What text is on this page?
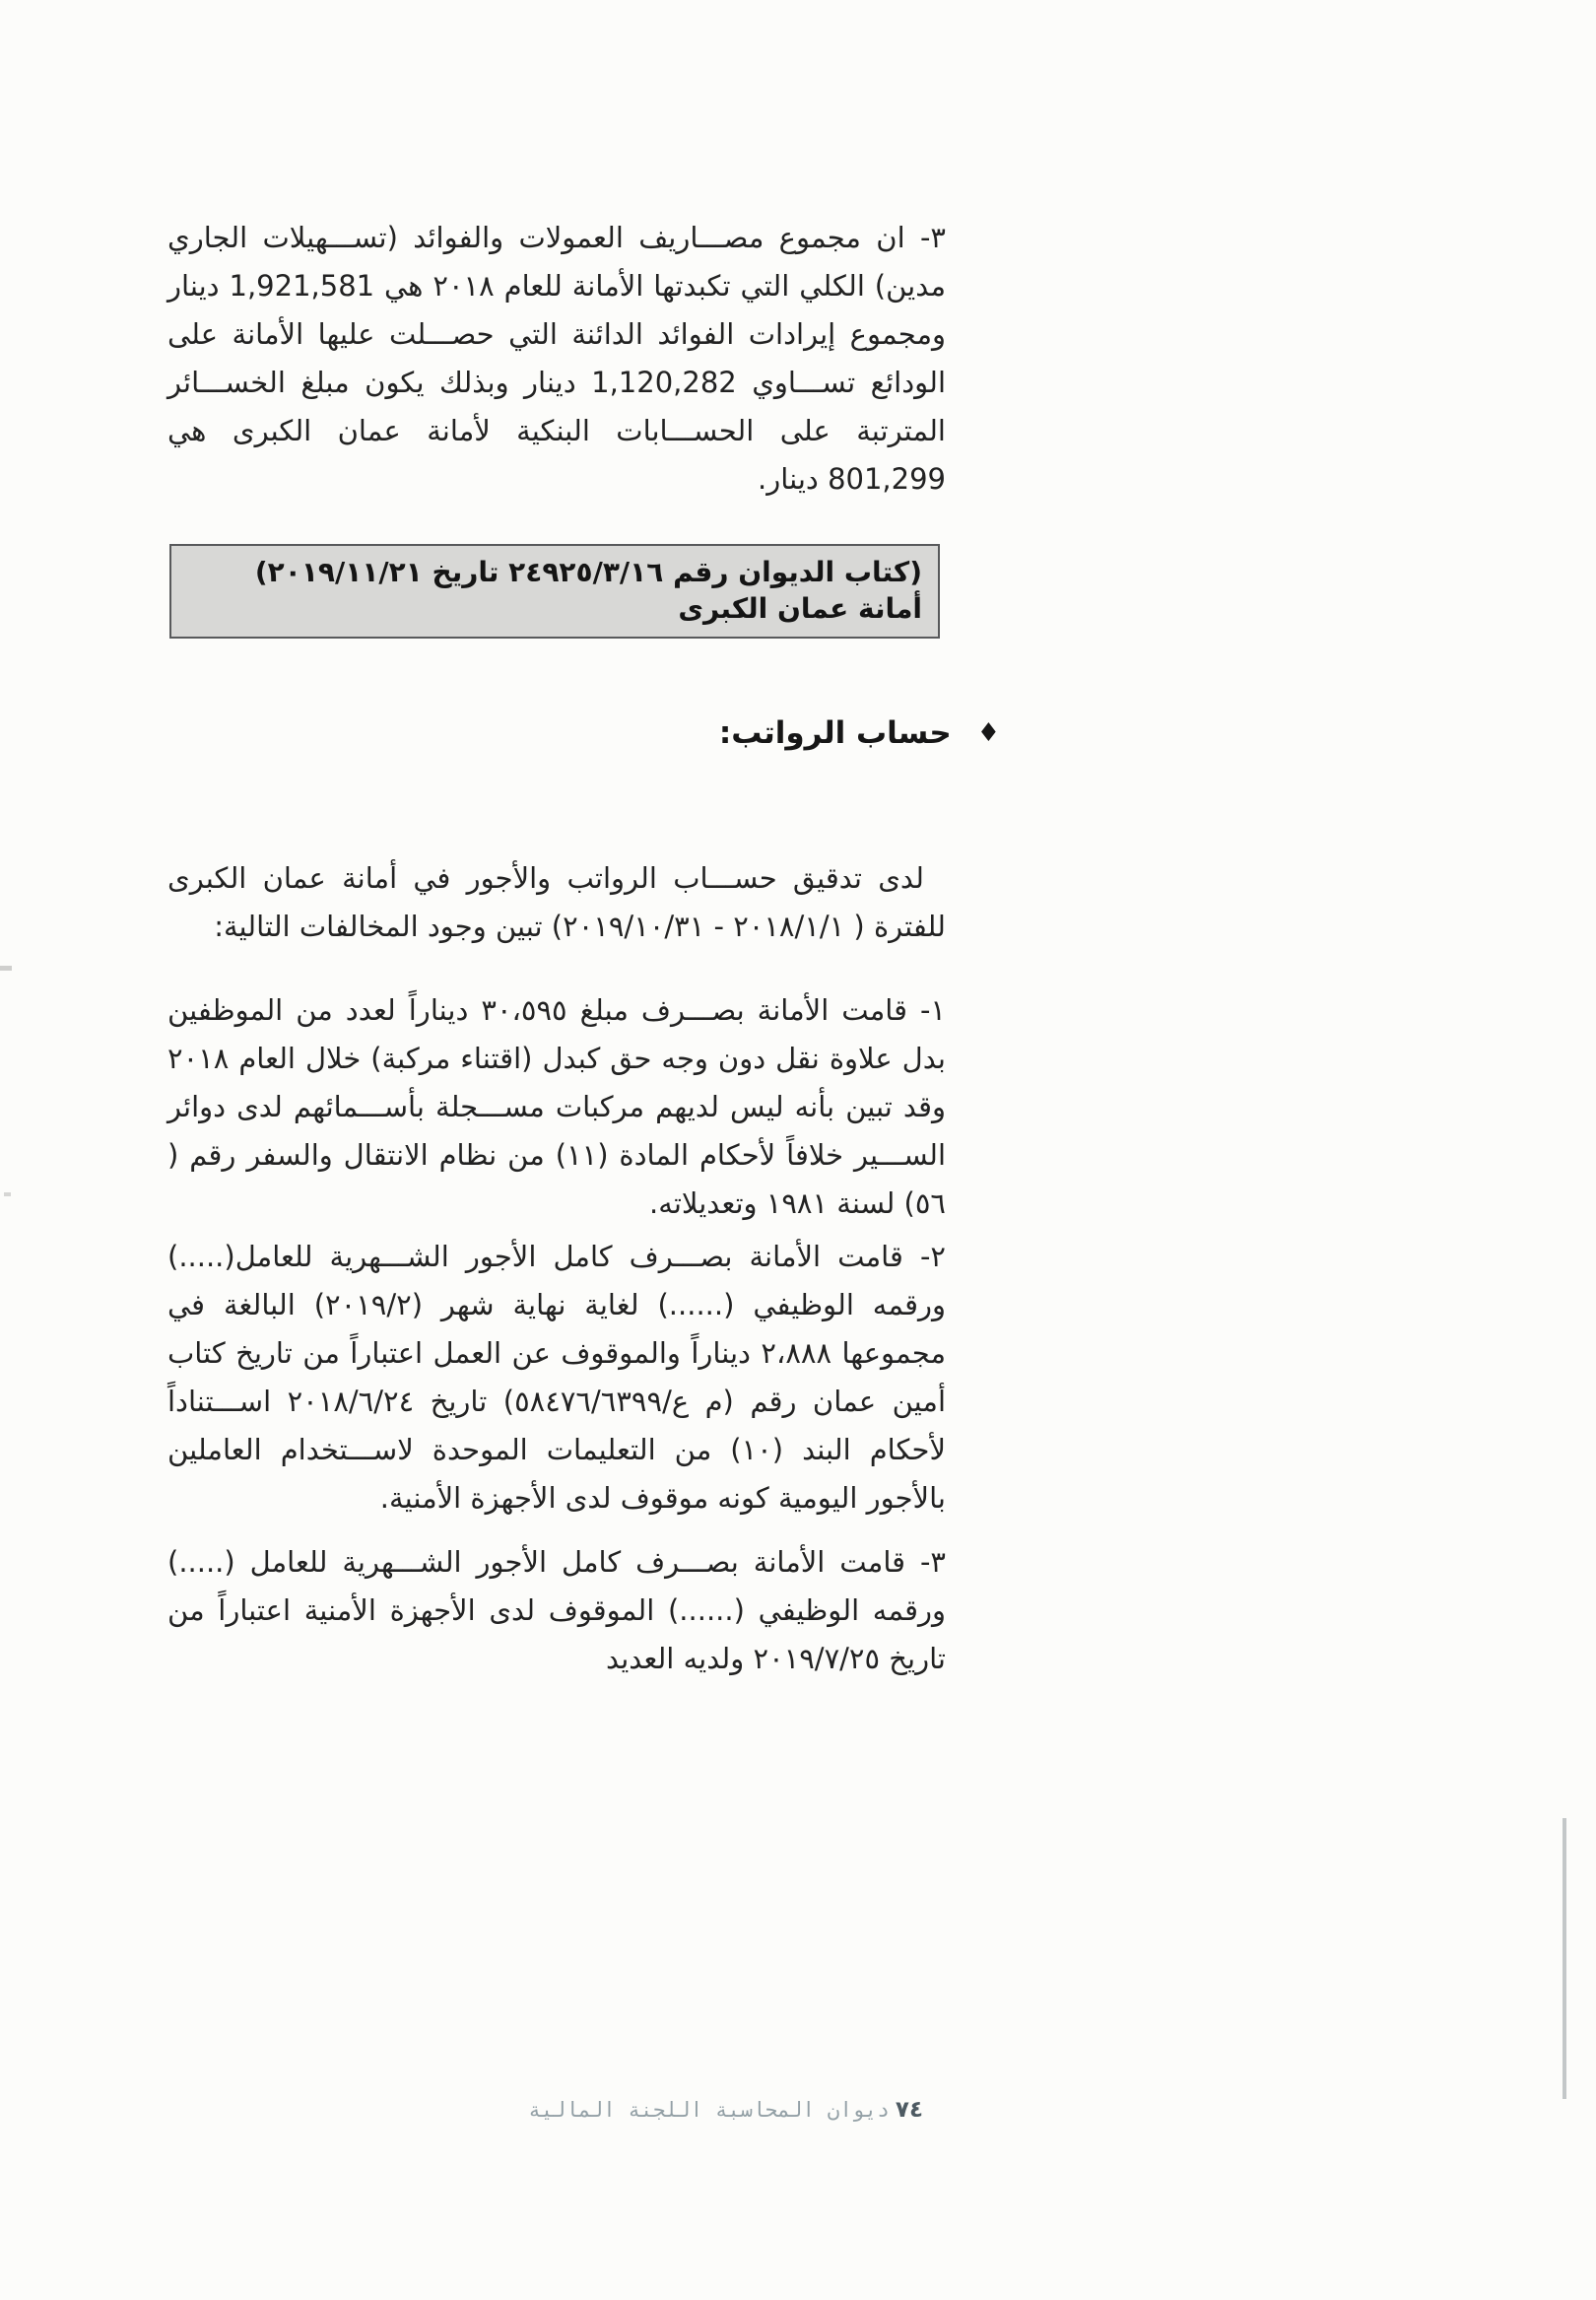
٣- ان مجموع مصـــاريف العمولات والفوائد (تســـهيلات الجاري مدين) الكلي التي تكبدتها الأمانة للعام ٢٠١٨ هي 1,921,581 دينار ومجموع إيرادات الفوائد الدائنة التي حصـــلت عليها الأمانة على الودائع تســـاوي 1,120,282 دينار وبذلك يكون مبلغ الخســـائر المترتبة على الحســـابات البنكية لأمانة عمان الكبرى هي 801,299 دينار.

(كتاب الديوان رقم ٢٤٩٢٥/٣/١٦ تاريخ ٢٠١٩/١١/٢١)
أمانة عمان الكبرى
♦حساب الرواتب:

لدى تدقيق حســـاب الرواتب والأجور في أمانة عمان الكبرى للفترة ( ٢٠١٨/١/١ - ٢٠١٩/١٠/٣١) تبين وجود المخالفات التالية:

١- قامت الأمانة بصـــرف مبلغ ٣٠،٥٩٥ ديناراً لعدد من الموظفين بدل علاوة نقل دون وجه حق كبدل (اقتناء مركبة) خلال العام ٢٠١٨ وقد تبين بأنه ليس لديهم مركبات مســـجلة بأســـمائهم لدى دوائر الســـير خلافاً لأحكام المادة (١١) من نظام الانتقال والسفر رقم ( ٥٦) لسنة ١٩٨١ وتعديلاته.

٢- قامت الأمانة بصـــرف كامل الأجور الشـــهرية للعامل(.....) ورقمه الوظيفي (......) لغاية نهاية شهر (٢٠١٩/٢) البالغة في مجموعها ٢،٨٨٨ ديناراً والموقوف عن العمل اعتباراً من تاريخ كتاب أمين عمان رقم (م ع/٥٨٤٧٦/٦٣٩٩) تاريخ ٢٠١٨/٦/٢٤ اســـتناداً لأحكام البند (١٠) من التعليمات الموحدة لاســـتخدام العاملين بالأجور اليومية كونه موقوف لدى الأجهزة الأمنية.

٣- قامت الأمانة بصـــرف كامل الأجور الشـــهرية للعامل (.....) ورقمه الوظيفي (......) الموقوف لدى الأجهزة الأمنية اعتباراً من تاريخ ٢٠١٩/٧/٢٥ ولديه العديد

٧٤ديوان المحاسبة اللجنة المالية
